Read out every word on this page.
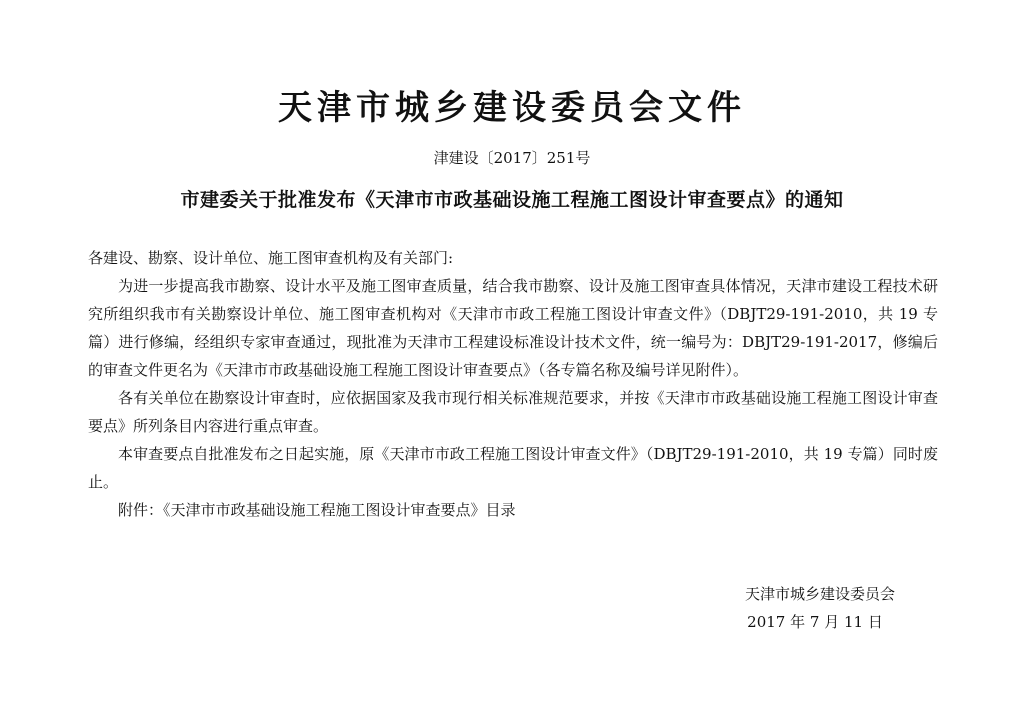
天津市城乡建设委员会文件
津建设〔2017〕251号
市建委关于批准发布《天津市市政基础设施工程施工图设计审查要点》的通知

各建设、勘察、设计单位、施工图审查机构及有关部门:

为进一步提高我市勘察、设计水平及施工图审查质量，结合我市勘察、设计及施工图审查具体情况，天津市建设工程技术研究所组织我市有关勘察设计单位、施工图审查机构对《天津市市政工程施工图设计审查文件》（DBJT29-191-2010，共 19 专篇）进行修编，经组织专家审查通过，现批准为天津市工程建设标准设计技术文件，统一编号为：DBJT29-191-2017，修编后的审查文件更名为《天津市市政基础设施工程施工图设计审查要点》（各专篇名称及编号详见附件）。

各有关单位在勘察设计审查时，应依据国家及我市现行相关标准规范要求，并按《天津市市政基础设施工程施工图设计审查要点》所列条目内容进行重点审查。

本审查要点自批准发布之日起实施，原《天津市市政工程施工图设计审查文件》（DBJT29-191-2010，共 19 专篇）同时废止。

附件：《天津市市政基础设施工程施工图设计审查要点》目录

天津市城乡建设委员会
2017 年 7 月 11 日
